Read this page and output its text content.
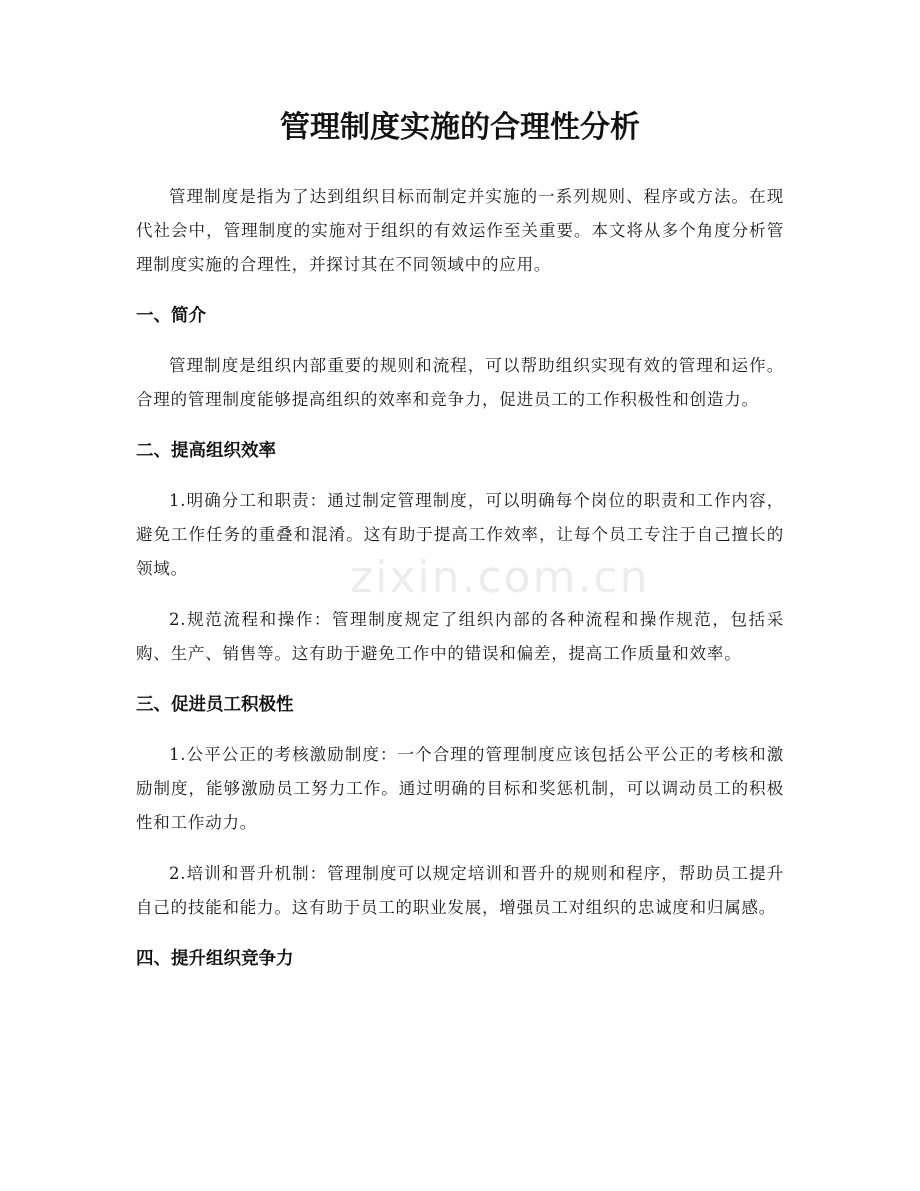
zixin.com.cn
管理制度实施的合理性分析

管理制度是指为了达到组织目标而制定并实施的一系列规则、程序或方法。在现代社会中，管理制度的实施对于组织的有效运作至关重要。本文将从多个角度分析管理制度实施的合理性，并探讨其在不同领域中的应用。

一、简介

管理制度是组织内部重要的规则和流程，可以帮助组织实现有效的管理和运作。合理的管理制度能够提高组织的效率和竞争力，促进员工的工作积极性和创造力。

二、提高组织效率

1.明确分工和职责：通过制定管理制度，可以明确每个岗位的职责和工作内容，避免工作任务的重叠和混淆。这有助于提高工作效率，让每个员工专注于自己擅长的领域。

2.规范流程和操作：管理制度规定了组织内部的各种流程和操作规范，包括采购、生产、销售等。这有助于避免工作中的错误和偏差，提高工作质量和效率。

三、促进员工积极性

1.公平公正的考核激励制度：一个合理的管理制度应该包括公平公正的考核和激励制度，能够激励员工努力工作。通过明确的目标和奖惩机制，可以调动员工的积极性和工作动力。

2.培训和晋升机制：管理制度可以规定培训和晋升的规则和程序，帮助员工提升自己的技能和能力。这有助于员工的职业发展，增强员工对组织的忠诚度和归属感。

四、提升组织竞争力
